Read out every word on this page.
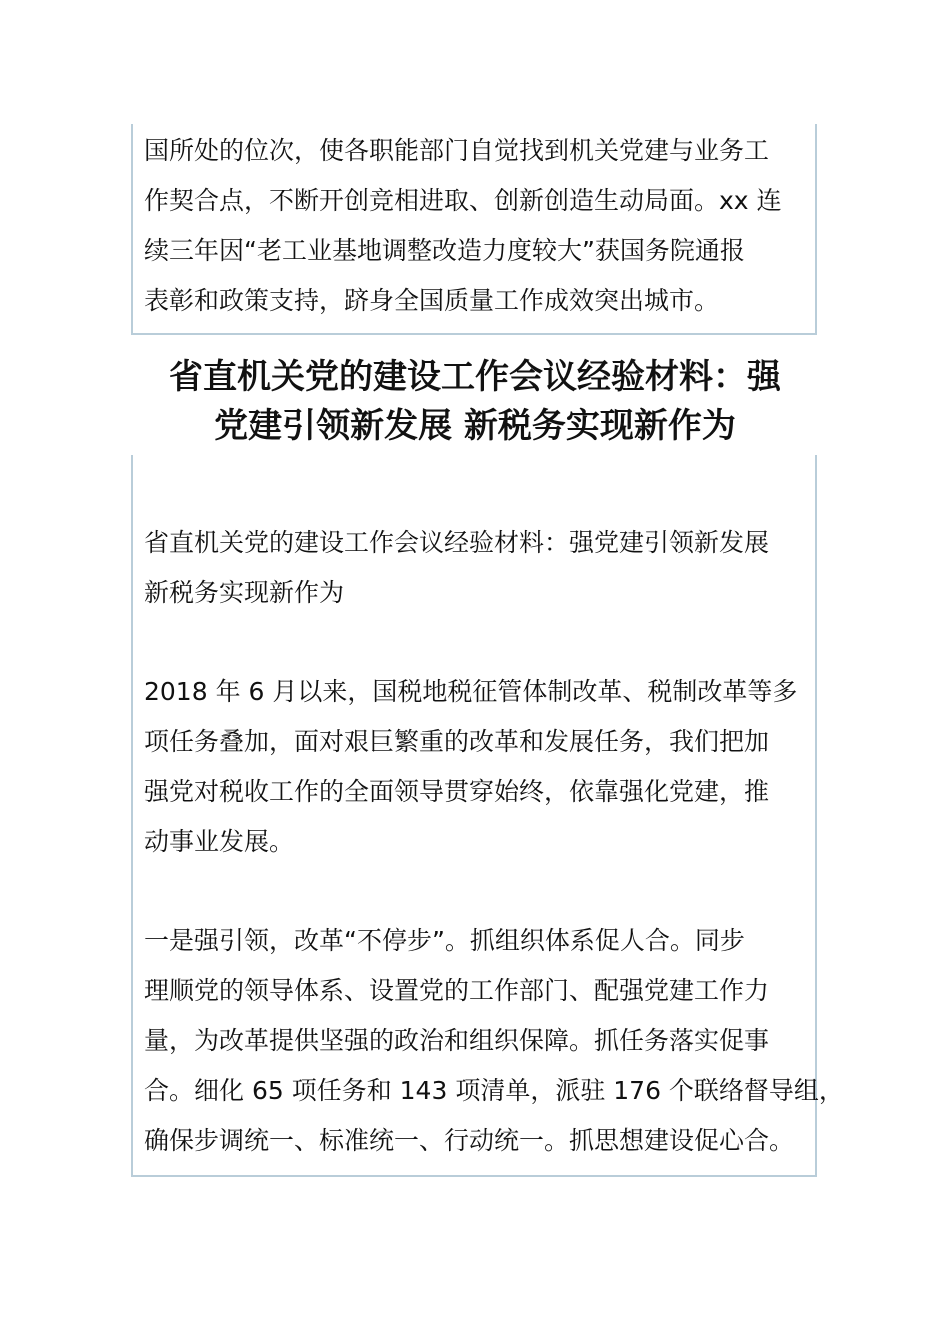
国所处的位次，使各职能部门自觉找到机关党建与业务工
作契合点，不断开创竞相进取、创新创造生动局面。xx 连
续三年因“老工业基地调整改造力度较大”获国务院通报
表彰和政策支持，跻身全国质量工作成效突出城市。
省直机关党的建设工作会议经验材料：强
党建引领新发展 新税务实现新作为
省直机关党的建设工作会议经验材料：强党建引领新发展
新税务实现新作为
2018 年 6 月以来，国税地税征管体制改革、税制改革等多
项任务叠加，面对艰巨繁重的改革和发展任务，我们把加
强党对税收工作的全面领导贯穿始终，依靠强化党建，推
动事业发展。
一是强引领，改革“不停步”。抓组织体系促人合。同步
理顺党的领导体系、设置党的工作部门、配强党建工作力
量，为改革提供坚强的政治和组织保障。抓任务落实促事
合。细化 65 项任务和 143 项清单，派驻 176 个联络督导组，
确保步调统一、标准统一、行动统一。抓思想建设促心合。
